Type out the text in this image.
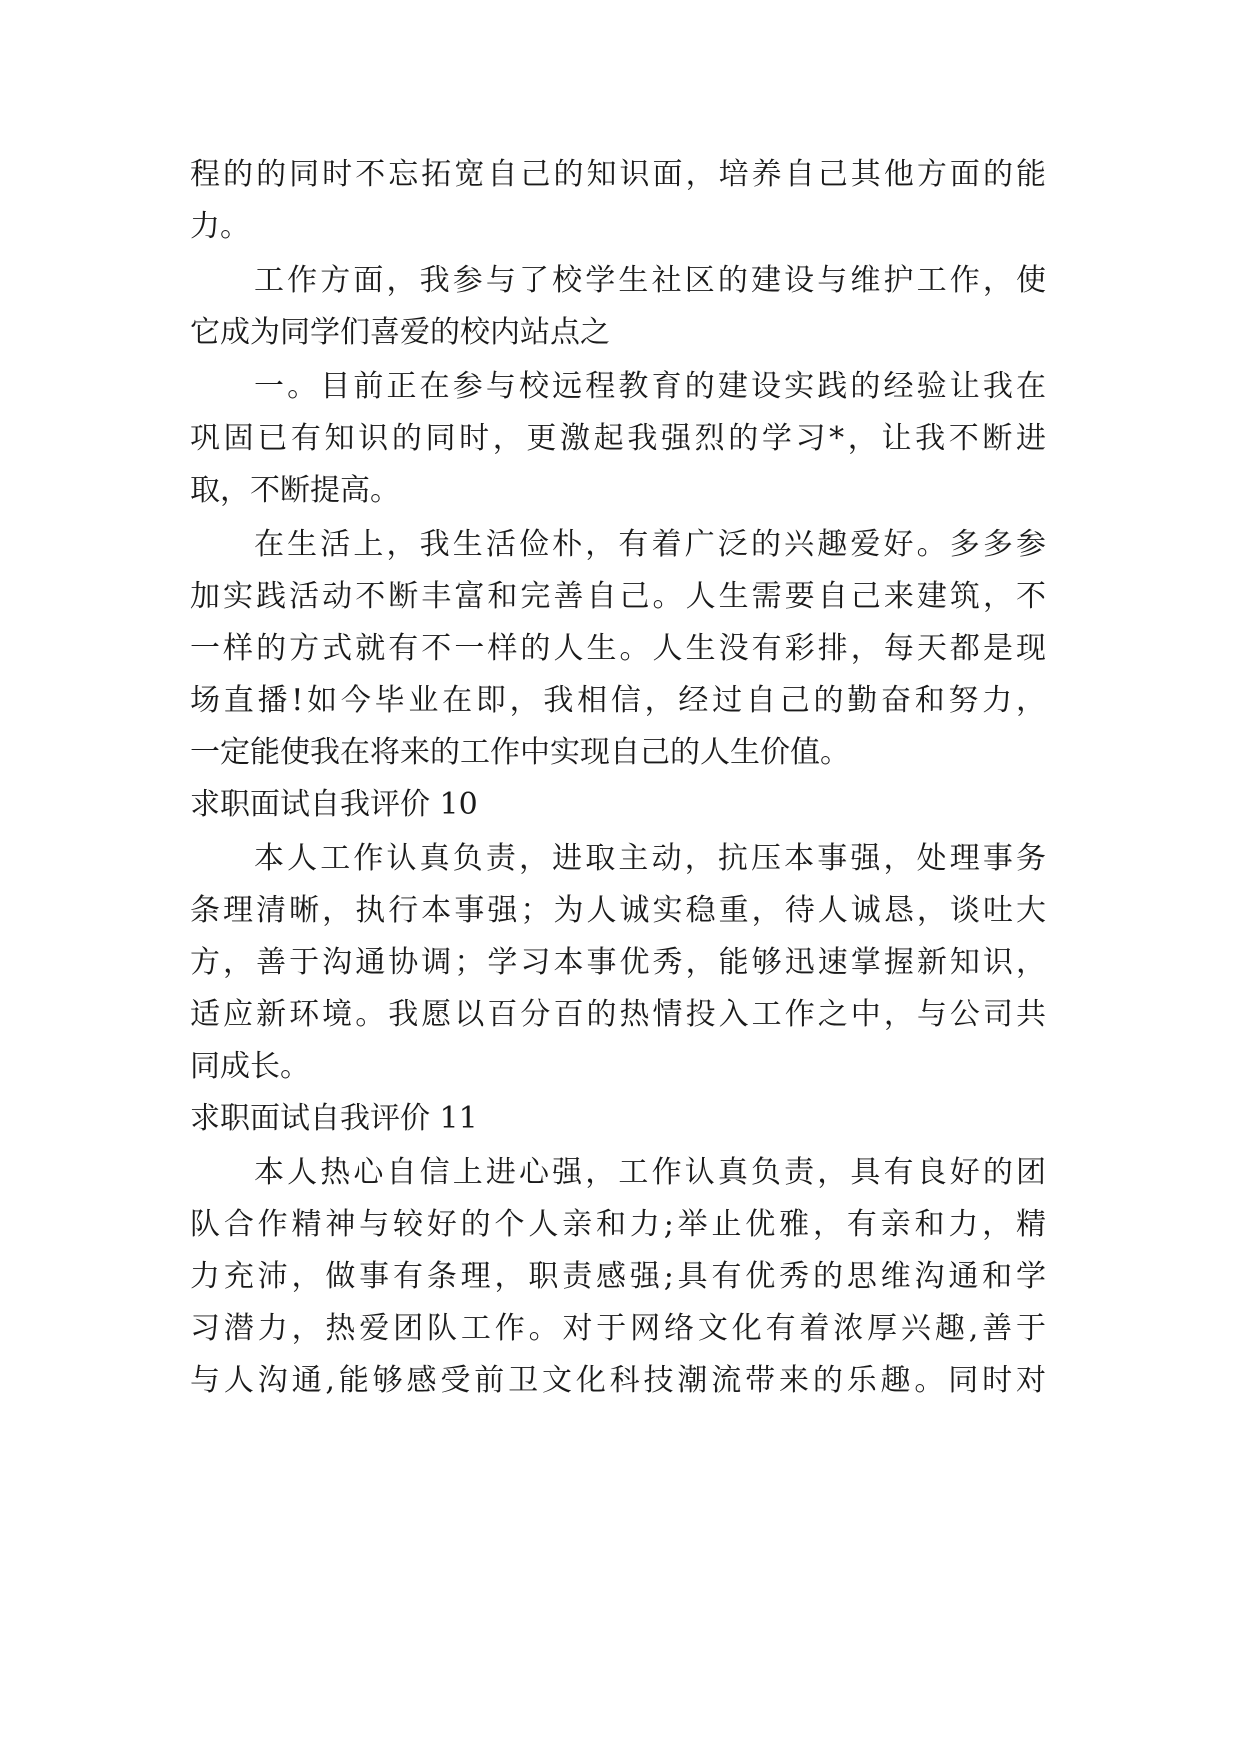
程的的同时不忘拓宽自己的知识面，培养自己其他方面的能
力。
工作方面，我参与了校学生社区的建设与维护工作，使
它成为同学们喜爱的校内站点之
一。目前正在参与校远程教育的建设实践的经验让我在
巩固已有知识的同时，更激起我强烈的学习*，让我不断进
取，不断提高。
在生活上，我生活俭朴，有着广泛的兴趣爱好。多多参
加实践活动不断丰富和完善自己。人生需要自己来建筑，不
一样的方式就有不一样的人生。人生没有彩排，每天都是现
场直播!如今毕业在即，我相信，经过自己的勤奋和努力，
一定能使我在将来的工作中实现自己的人生价值。
求职面试自我评价 10
本人工作认真负责，进取主动，抗压本事强，处理事务
条理清晰，执行本事强；为人诚实稳重，待人诚恳，谈吐大
方，善于沟通协调；学习本事优秀，能够迅速掌握新知识，
适应新环境。我愿以百分百的热情投入工作之中，与公司共
同成长。
求职面试自我评价 11
本人热心自信上进心强，工作认真负责，具有良好的团
队合作精神与较好的个人亲和力;举止优雅，有亲和力，精
力充沛，做事有条理，职责感强;具有优秀的思维沟通和学
习潜力，热爱团队工作。对于网络文化有着浓厚兴趣,善于
与人沟通,能够感受前卫文化科技潮流带来的乐趣。同时对
